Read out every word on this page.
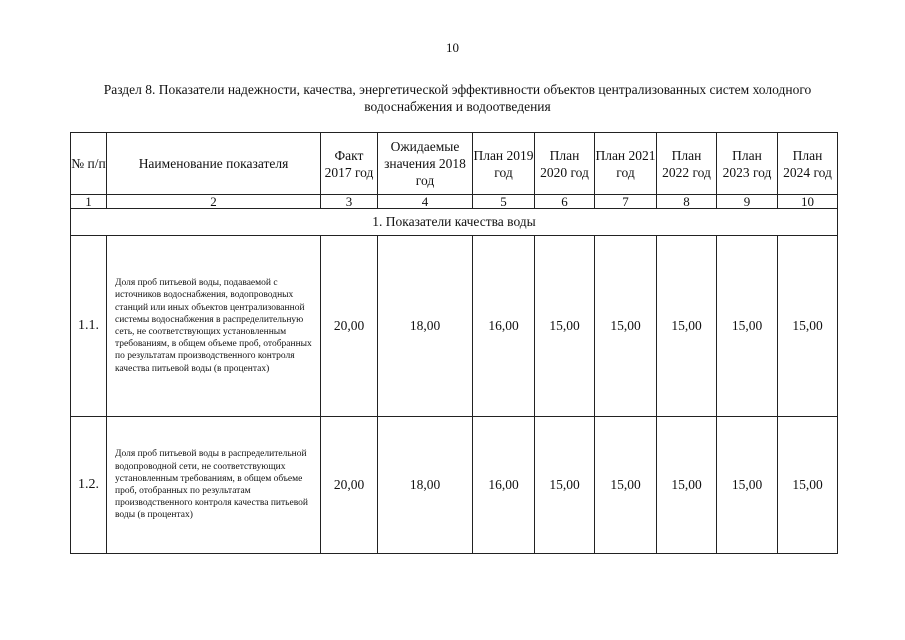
10
Раздел 8. Показатели надежности, качества, энергетической эффективности объектов централизованных систем холодного водоснабжения и водоотведения
№ п/п	Наименование показателя	Факт 2017 год	Ожидаемые значения 2018 год	План 2019 год	План 2020 год	План 2021 год	План 2022 год	План 2023 год	План 2024 год
1	2	3	4	5	6	7	8	9	10
1. Показатели качества воды									
1.1.	Доля проб питьевой воды, подаваемой с источников водоснабжения, водопроводных станций или иных объектов централизованной системы водоснабжения в распределительную сеть, не соответствующих установленным требованиям, в общем объеме проб, отобранных по результатам производственного контроля качества питьевой воды (в процентах)	20,00	18,00	16,00	15,00	15,00	15,00	15,00	15,00
1.2.	Доля проб питьевой воды в распределительной водопроводной сети, не соответствующих установленным требованиям, в общем объеме проб, отобранных по результатам производственного контроля качества питьевой воды (в процентах)	20,00	18,00	16,00	15,00	15,00	15,00	15,00	15,00
